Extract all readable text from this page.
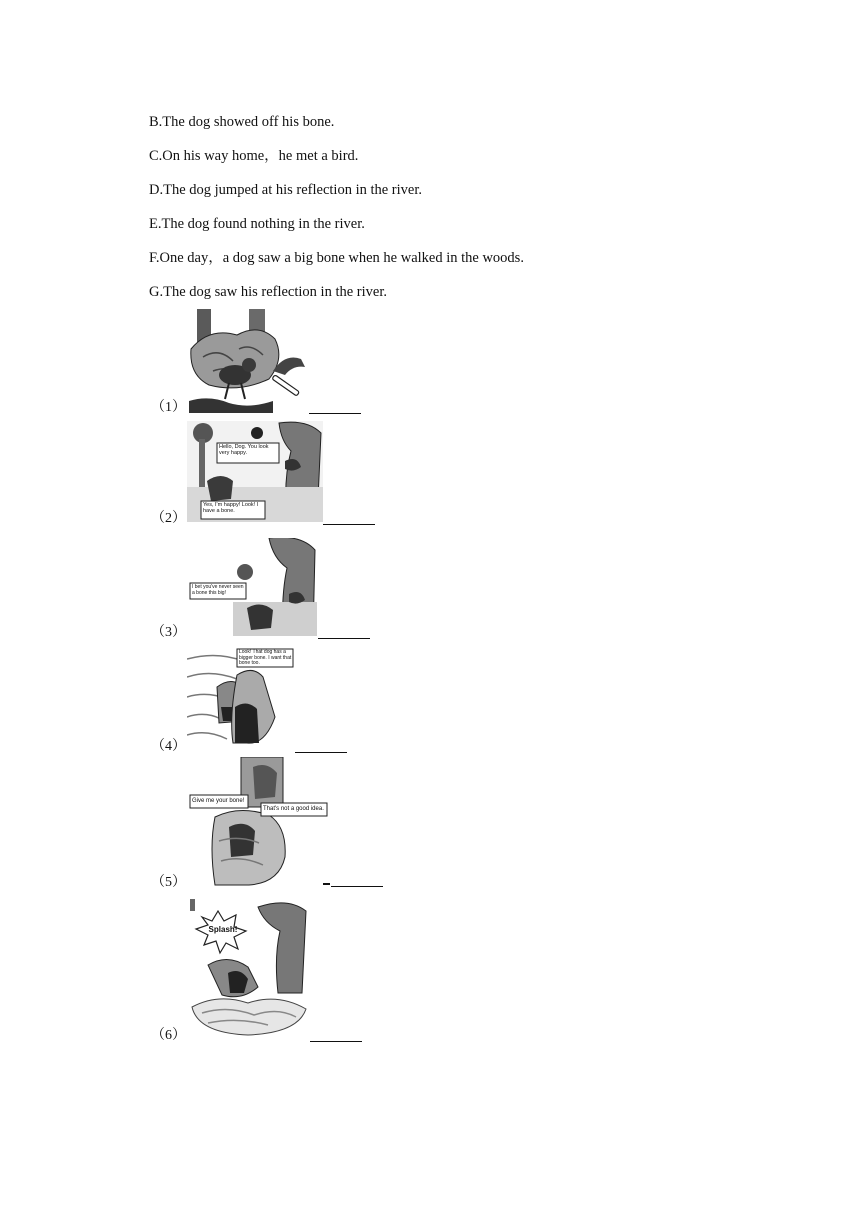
B.The dog showed off his bone.
C.On his way home，he met a bird.
D.The dog jumped at his reflection in the river.
E.The dog found nothing in the river.
F.One day，a dog saw a big bone when he walked in the woods.
G.The dog saw his reflection in the river.
（1）
（2）
Hello, Dog. You look very happy.
Yes, I'm happy! Look! I have a bone.
（3）
I bet you've never seen a bone this big!
（4）
Look! That dog has a bigger bone. I want that bone too.
（5）
Give me your bone!
That's not a good idea.
（6）
Splash!
